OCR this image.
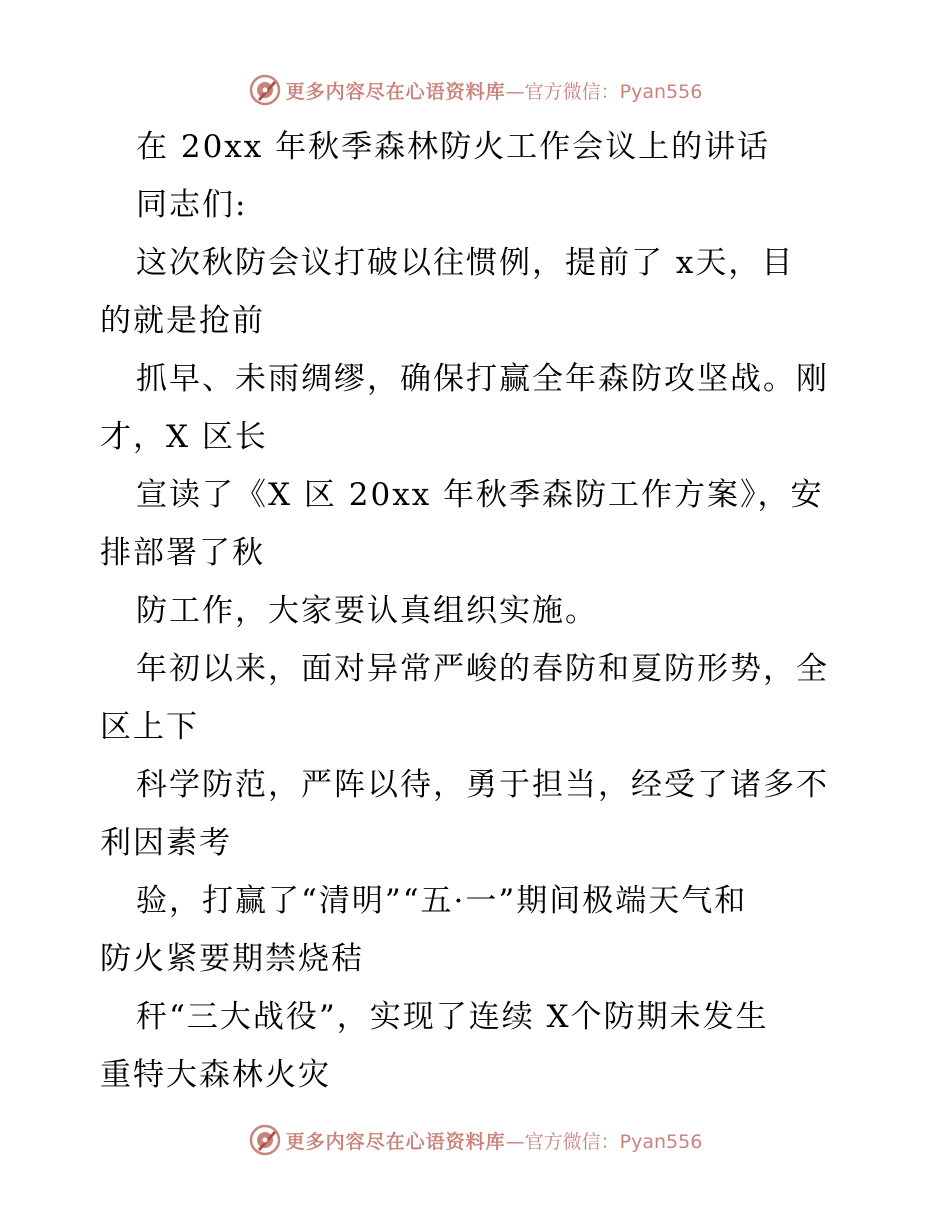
更多内容尽在心语资料库 —官方微信：Pyan556
在 20xx 年秋季森林防火工作会议上的讲话
同志们:
这次秋防会议打破以往惯例，提前了 x天，目
的就是抢前
抓早、未雨绸缪，确保打赢全年森防攻坚战。刚
才，X 区长
宣读了《X 区 20xx 年秋季森防工作方案》，安
排部署了秋
防工作，大家要认真组织实施。
年初以来，面对异常严峻的春防和夏防形势，全
区上下
科学防范，严阵以待，勇于担当，经受了诸多不
利因素考
验，打赢了“清明”“五·一”期间极端天气和
防火紧要期禁烧秸
秆“三大战役”，实现了连续 X个防期未发生
重特大森林火灾
更多内容尽在心语资料库 —官方微信：Pyan556
